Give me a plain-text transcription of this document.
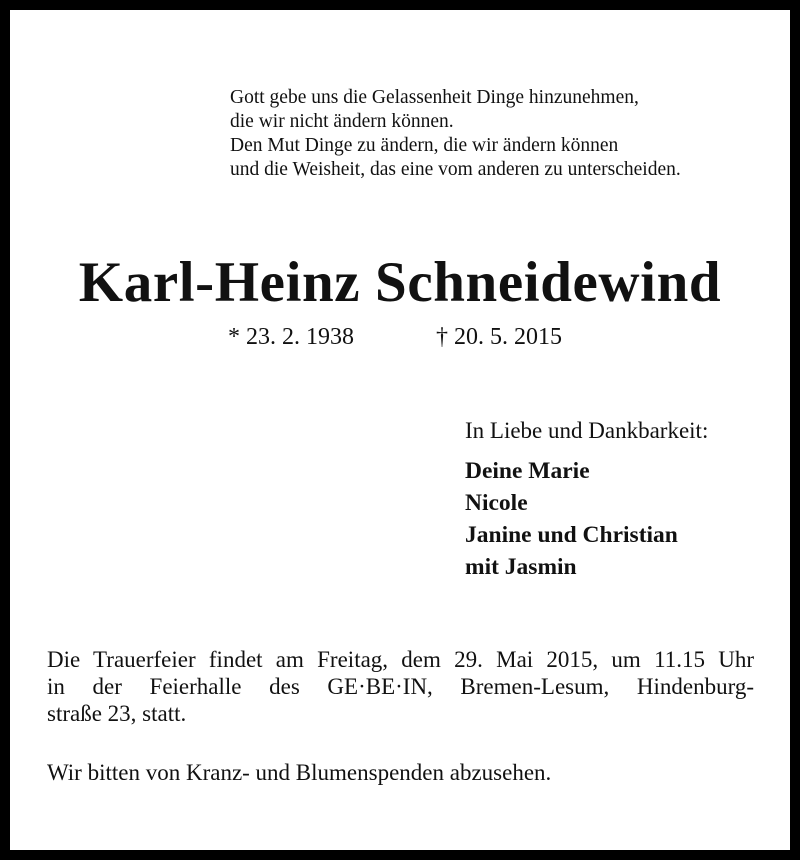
Gott gebe uns die Gelassenheit Dinge hinzunehmen,
die wir nicht ändern können.
Den Mut Dinge zu ändern, die wir ändern können
und die Weisheit, das eine vom anderen zu unterscheiden.
Karl-Heinz Schneidewind
* 23. 2. 1938	† 20. 5. 2015
In Liebe und Dankbarkeit:
Deine Marie
Nicole
Janine und Christian
mit Jasmin
Die Trauerfeier findet am Freitag, dem 29. Mai 2015, um 11.15 Uhr
in der Feierhalle des GE·BE·IN, Bremen-Lesum, Hindenburg-
straße 23, statt.
Wir bitten von Kranz- und Blumenspenden abzusehen.
